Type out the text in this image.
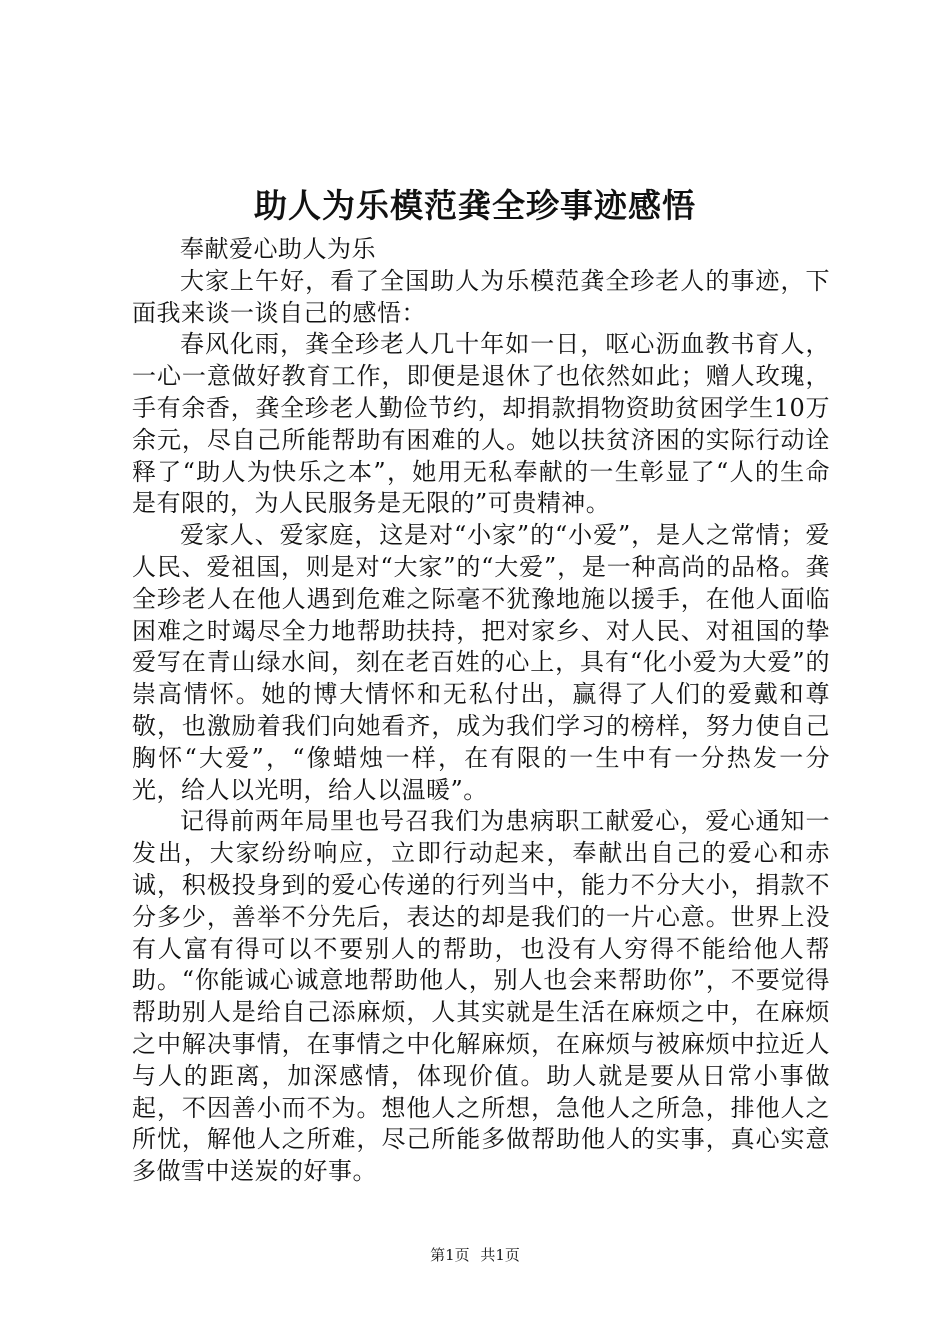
助人为乐模范龚全珍事迹感悟

奉献爱心助人为乐

大家上午好，看了全国助人为乐模范龚全珍老人的事迹，下面我来谈一谈自己的感悟：

春风化雨，龚全珍老人几十年如一日，呕心沥血教书育人，一心一意做好教育工作，即便是退休了也依然如此；赠人玫瑰，手有余香，龚全珍老人勤俭节约，却捐款捐物资助贫困学生10万余元，尽自己所能帮助有困难的人。她以扶贫济困的实际行动诠释了“助人为快乐之本”，她用无私奉献的一生彰显了“人的生命是有限的，为人民服务是无限的”可贵精神。

爱家人、爱家庭，这是对“小家”的“小爱”，是人之常情；爱人民、爱祖国，则是对“大家”的“大爱”，是一种高尚的品格。龚全珍老人在他人遇到危难之际毫不犹豫地施以援手，在他人面临困难之时竭尽全力地帮助扶持，把对家乡、对人民、对祖国的挚爱写在青山绿水间，刻在老百姓的心上，具有“化小爱为大爱”的崇高情怀。她的博大情怀和无私付出，赢得了人们的爱戴和尊敬，也激励着我们向她看齐，成为我们学习的榜样，努力使自己胸怀“大爱”，“像蜡烛一样，在有限的一生中有一分热发一分光，给人以光明，给人以温暖”。

记得前两年局里也号召我们为患病职工献爱心，爱心通知一发出，大家纷纷响应，立即行动起来，奉献出自己的爱心和赤诚，积极投身到的爱心传递的行列当中，能力不分大小，捐款不分多少，善举不分先后，表达的却是我们的一片心意。世界上没有人富有得可以不要别人的帮助，也没有人穷得不能给他人帮助。“你能诚心诚意地帮助他人，别人也会来帮助你”，不要觉得帮助别人是给自己添麻烦，人其实就是生活在麻烦之中，在麻烦之中解决事情，在事情之中化解麻烦，在麻烦与被麻烦中拉近人与人的距离，加深感情，体现价值。助人就是要从日常小事做起，不因善小而不为。想他人之所想，急他人之所急，排他人之所忧，解他人之所难，尽己所能多做帮助他人的实事，真心实意多做雪中送炭的好事。

第1页 共1页
